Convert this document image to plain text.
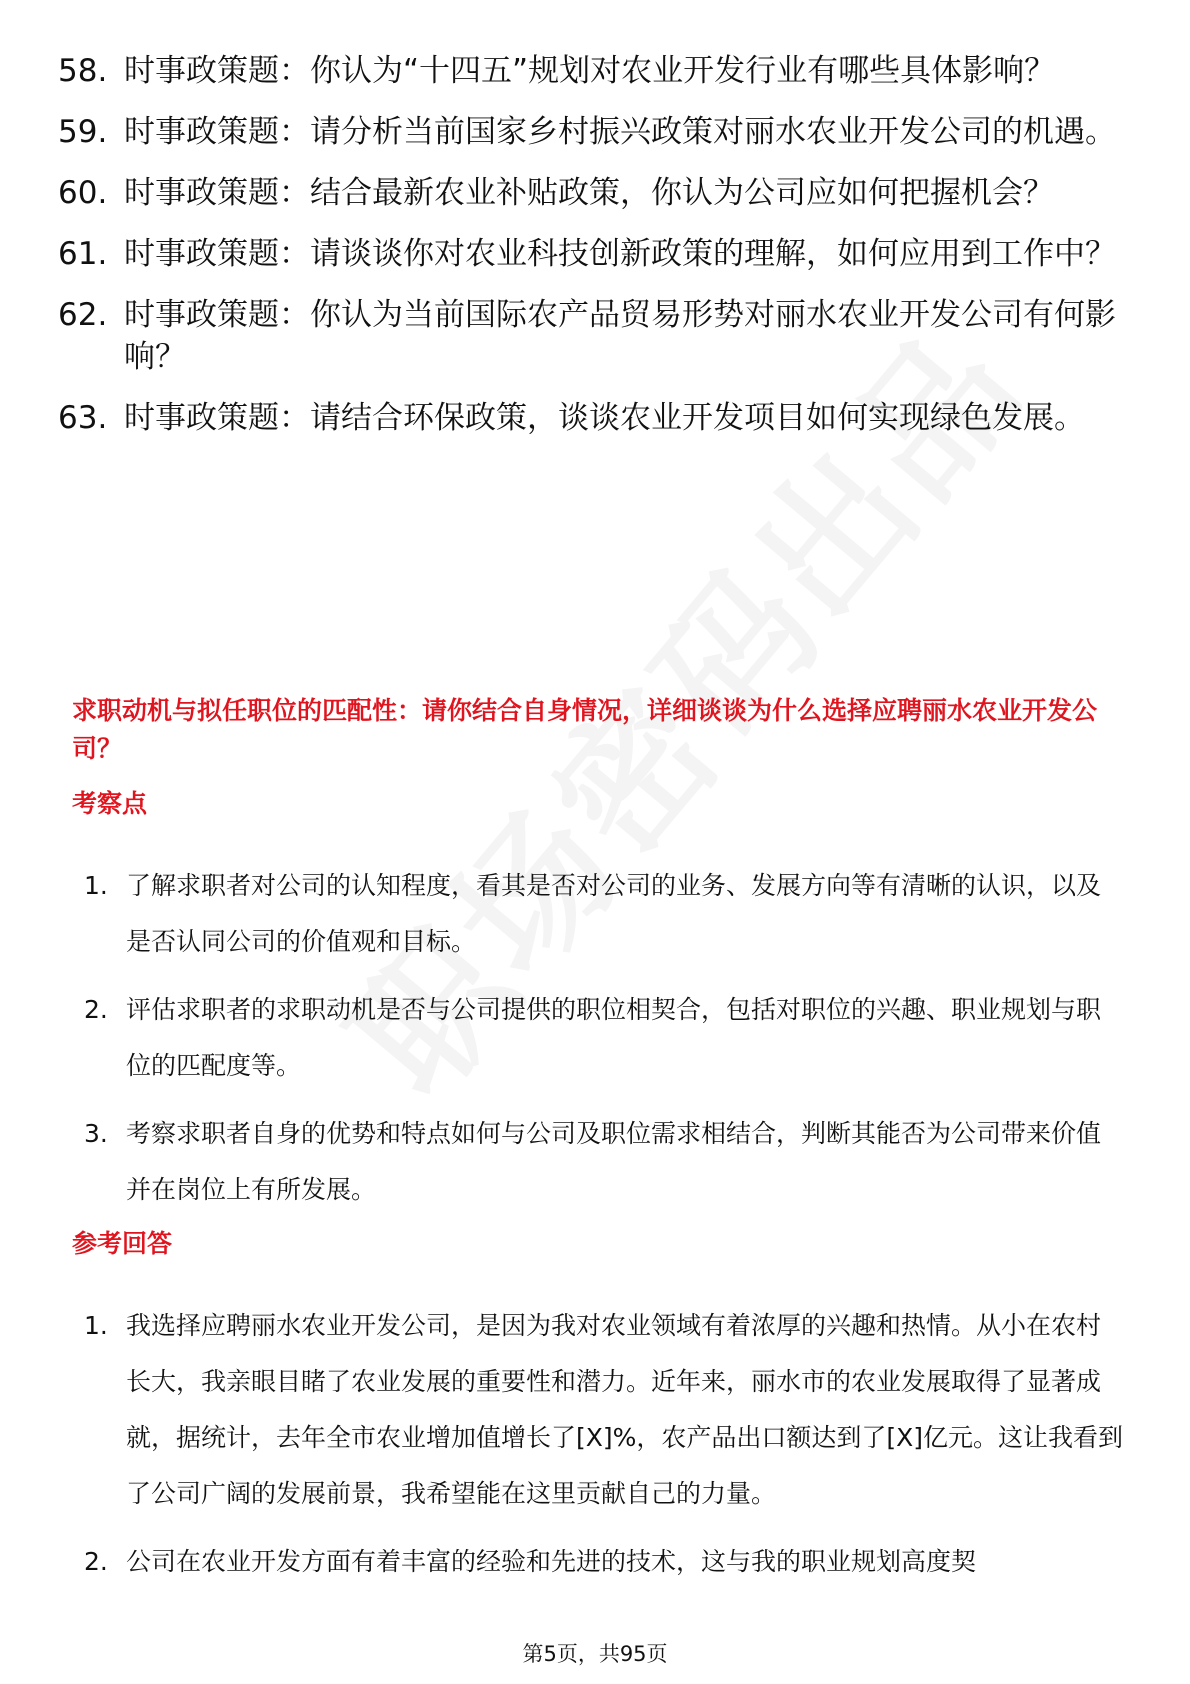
58. 时事政策题：你认为“十四五”规划对农业开发行业有哪些具体影响？
59. 时事政策题：请分析当前国家乡村振兴政策对丽水农业开发公司的机遇。
60. 时事政策题：结合最新农业补贴政策，你认为公司应如何把握机会？
61. 时事政策题：请谈谈你对农业科技创新政策的理解，如何应用到工作中？
62. 时事政策题：你认为当前国际农产品贸易形势对丽水农业开发公司有何影响？
63. 时事政策题：请结合环保政策，谈谈农业开发项目如何实现绿色发展。
求职动机与拟任职位的匹配性：请你结合自身情况，详细谈谈为什么选择应聘丽水农业开发公司？
考察点
1. 了解求职者对公司的认知程度，看其是否对公司的业务、发展方向等有清晰的认识，以及是否认同公司的价值观和目标。
2. 评估求职者的求职动机是否与公司提供的职位相契合，包括对职位的兴趣、职业规划与职位的匹配度等。
3. 考察求职者自身的优势和特点如何与公司及职位需求相结合，判断其能否为公司带来价值并在岗位上有所发展。
参考回答
1. 我选择应聘丽水农业开发公司，是因为我对农业领域有着浓厚的兴趣和热情。从小在农村长大，我亲眼目睹了农业发展的重要性和潜力。近年来，丽水市的农业发展取得了显著成就，据统计，去年全市农业增加值增长了[X]%，农产品出口额达到了[X]亿元。这让我看到了公司广阔的发展前景，我希望能在这里贡献自己的力量。
2. 公司在农业开发方面有着丰富的经验和先进的技术，这与我的职业规划高度契
第5页，共95页
